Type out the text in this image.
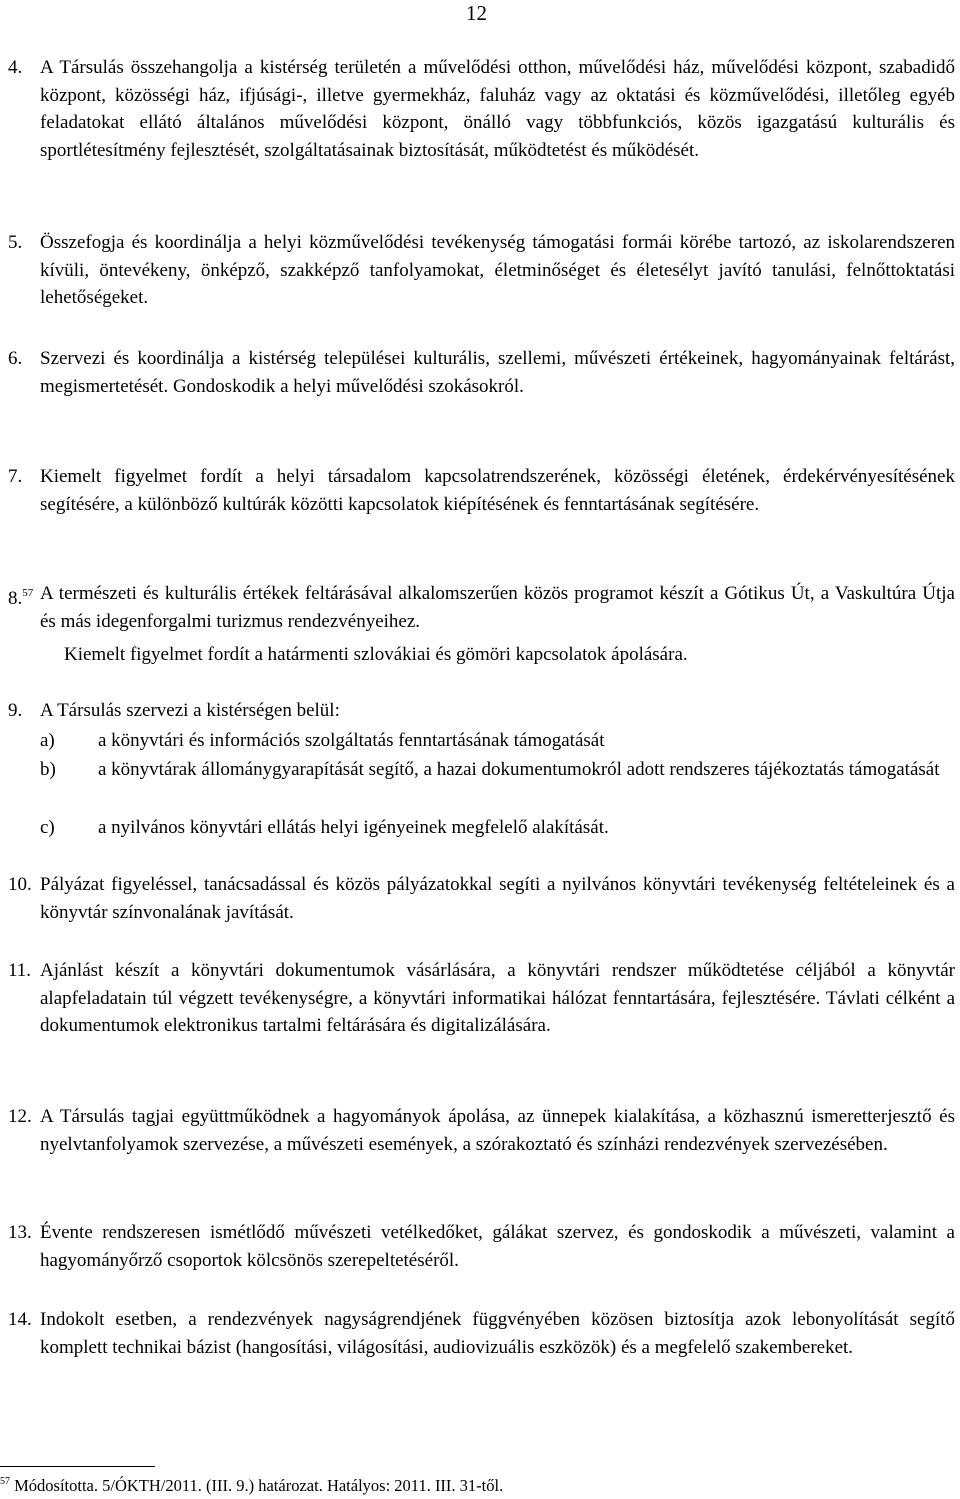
12
4. A Társulás összehangolja a kistérség területén a művelődési otthon, művelődési ház, művelődési központ, szabadidő központ, közösségi ház, ifjúsági-, illetve gyermekház, faluház vagy az oktatási és közművelődési, illetőleg egyéb feladatokat ellátó általános művelődési központ, önálló vagy többfunkciós, közös igazgatású kulturális és sportlétesítmény fejlesztését, szolgáltatásainak biztosítását, működtetést és működését.
5. Összefogja és koordinálja a helyi közművelődési tevékenység támogatási formái körébe tartozó, az iskolarendszeren kívüli, öntevékeny, önképző, szakképző tanfolyamokat, életminőséget és életesélyt javító tanulási, felnőttoktatási lehetőségeket.
6. Szervezi és koordinálja a kistérség települései kulturális, szellemi, művészeti értékeinek, hagyományainak feltárást, megismertetését. Gondoskodik a helyi művelődési szokásokról.
7. Kiemelt figyelmet fordít a helyi társadalom kapcsolatrendszerének, közösségi életének, érdekérvényesítésének segítésére, a különböző kultúrák közötti kapcsolatok kiépítésének és fenntartásának segítésére.
8.57 A természeti és kulturális értékek feltárásával alkalomszerűen közös programot készít a Gótikus Út, a Vaskultúra Útja és más idegenforgalmi turizmus rendezvényeihez.
Kiemelt figyelmet fordít a határmenti szlovákiai és gömöri kapcsolatok ápolására.
9. A Társulás szervezi a kistérségen belül:
a) a könyvtári és információs szolgáltatás fenntartásának támogatását
b) a könyvtárak állománygyarapítását segítő, a hazai dokumentumokról adott rendszeres tájékoztatás támogatását
c) a nyilvános könyvtári ellátás helyi igényeinek megfelelő alakítását.
10. Pályázat figyeléssel, tanácsadással és közös pályázatokkal segíti a nyilvános könyvtári tevékenység feltételeinek és a könyvtár színvonalának javítását.
11. Ajánlást készít a könyvtári dokumentumok vásárlására, a könyvtári rendszer működtetése céljából a könyvtár alapfeladatain túl végzett tevékenységre, a könyvtári informatikai hálózat fenntartására, fejlesztésére. Távlati célként a dokumentumok elektronikus tartalmi feltárására és digitalizálására.
12. A Társulás tagjai együttműködnek a hagyományok ápolása, az ünnepek kialakítása, a közhasznú ismeretterjesztő és nyelvtanfolyamok szervezése, a művészeti események, a szórakoztató és színházi rendezvények szervezésében.
13. Évente rendszeresen ismétlődő művészeti vetélkedőket, gálákat szervez, és gondoskodik a művészeti, valamint a hagyományőrző csoportok kölcsönös szerepeltetéséről.
14. Indokolt esetben, a rendezvények nagyságrendjének függvényében közösen biztosítja azok lebonyolítását segítő komplett technikai bázist (hangosítási, világosítási, audiovizuális eszközök) és a megfelelő szakembereket.
$^{57}$ Módosította. 5/ÓKTH/2011. (III. 9.) határozat. Hatályos: 2011. III. 31-től.
